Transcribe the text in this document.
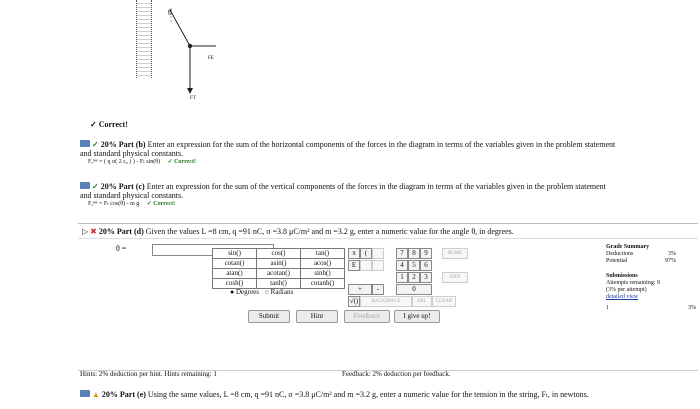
θ
FE
FT
✓ Correct!
✓ 20% Part (b) Enter an expression for the sum of the horizontal components of the forces in the diagram in terms of the variables given in the problem statement
and standard physical constants.
Fₓⁿᵉᵗ = ( q σ( 2 ε₀ ) ) - Fₜ sin(θ) ✓ Correct!
✓ 20% Part (c) Enter an expression for the sum of the vertical components of the forces in the diagram in terms of the variables given in the problem statement
and standard physical constants.
Fᵧⁿᵉᵗ = Fₜ cos(θ) - m g ✓ Correct!
▷ ✖ 20% Part (d) Given the values L =8 cm, q =91 nC, σ =3.8 μC/m² and m =3.2 g, enter a numeric value for the angle θ, in degrees.
θ =	sin()	cos()	tan()
cotan()	asin()	acos()
atan()	acotan()	sinh()
cosh()	tanh()	cotanh()
● Degrees ○ Radians
π	(
E
7	8	9
4	5	6
1	2	3
+	-	0
√()	BACKSPACE	DEL	CLEAR
HOME
END
Submit	Hint	Feedback	I give up!
Hints: 2% deduction per hint. Hints remaining: 1	Feedback: 2% deduction per feedback.
▲ 20% Part (e) Using the same values, L =8 cm, q =91 nC, σ =3.8 μC/m² and m =3.2 g, enter a numeric value for the tension in the string, Fₜ, in newtons.
Grade Summary
Deductions	3%
Potential	97%
Submissions
Attempts remaining: 9
(3% per attempt)
detailed view
1	3%
